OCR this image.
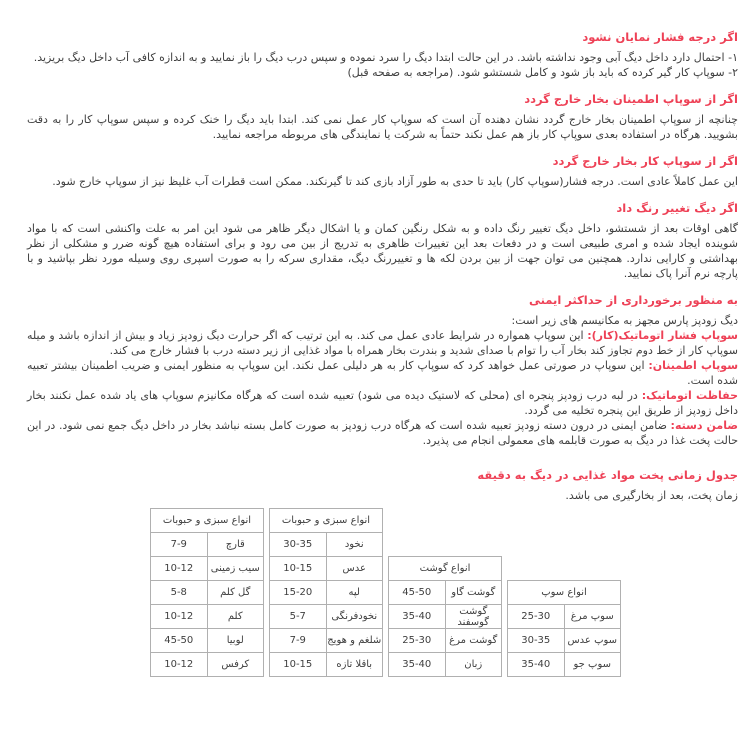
اگر درجه فشار نمایان نشود

۱- احتمال دارد داخل دیگ آبی وجود نداشته باشد. در این حالت ابتدا دیگ را سرد نموده و سپس درب دیگ را باز نمایید و به اندازه کافی آب داخل دیگ بریزید.

۲- سوپاپ کار گیر کرده که باید باز شود و کامل شستشو شود. (مراجعه به صفحه قبل)

اگر از سوپاپ اطمینان بخار خارج گردد

چنانچه از سوپاپ اطمینان بخار خارج گردد نشان دهنده آن است که سوپاپ کار عمل نمی کند. ابتدا باید دیگ را خنک کرده و سپس سوپاپ کار را به دقت بشویید. هرگاه در استفاده بعدی سوپاپ کار باز هم عمل نکند حتماً به شرکت یا نمایندگی های مربوطه مراجعه نمایید.

اگر از سوپاپ کار بخار خارج گردد

این عمل کاملاً عادی است. درجه فشار(سوپاپ کار) باید تا حدی به طور آزاد بازی کند تا گیرنکند. ممکن است قطرات آب غلیظ نیز از سوپاپ خارج شود.

اگر دیگ تغییر رنگ داد

گاهی اوقات بعد از شستشو، داخل دیگ تغییر رنگ داده و به شکل رنگین کمان و یا اشکال دیگر ظاهر می شود این امر به علت واکنشی است که با مواد شوینده ایجاد شده و امری طبیعی است و در دفعات بعد این تغییرات ظاهری به تدریج از بین می رود و برای استفاده هیچ گونه ضرر و مشکلی از نظر بهداشتی و کارایی ندارد. همچنین می توان جهت از بین بردن لکه ها و تغییررنگ دیگ، مقداری سرکه را به صورت اسپری روی وسیله مورد نظر بپاشید و با پارچه نرم آنرا پاک نمایید.

به منظور برخورداری از حداکثر ایمنی

دیگ زودپز پارس مجهز به مکانیسم های زیر است:

سوپاپ فشار اتوماتیک(کار): این سوپاپ همواره در شرایط عادی عمل می کند. به این ترتیب که اگر حرارت دیگ زودپز زیاد و بیش از اندازه باشد و میله سوپاپ کار از خط دوم تجاوز کند بخار آب را توام با صدای شدید و بندرت بخار همراه با مواد غذایی از زیر دسته درب با فشار خارج می کند.

سوپاپ اطمینان: این سوپاپ در صورتی عمل خواهد کرد که سوپاپ کار به هر دلیلی عمل نکند. این سوپاپ به منظور ایمنی و ضریب اطمینان بیشتر تعبیه شده است.

حفاظت اتوماتیک: در لبه درب زودپز پنجره ای (محلی که لاستیک دیده می شود) تعبیه شده است که هرگاه مکانیزم سوپاپ های یاد شده عمل نکنند بخار داخل زودپز از طریق این پنجره تخلیه می گردد.

ضامن دسته: ضامن ایمنی در درون دسته زودپز تعبیه شده است که هرگاه درب زودپز به صورت کامل بسته نباشد بخار در داخل دیگ جمع نمی شود. در این حالت پخت غذا در دیگ به صورت قابلمه های معمولی انجام می پذیرد.

جدول زمانی پخت مواد غذایی در دیگ به دقیقه

زمان پخت، بعد از بخارگیری می باشد.

انواع سبزی و حبوبات	
قارچ	7-9
سیب زمینی	10-12
گل کلم	5-8
کلم	10-12
لوبیا	45-50
کرفس	10-12
انواع سبزی و حبوبات	
نخود	30-35
عدس	10-15
لپه	15-20
نخودفرنگی	5-7
شلغم و هویج	7-9
باقلا تازه	10-15
انواع گوشت	
گوشت گاو	45-50
گوشت گوسفند	35-40
گوشت مرغ	25-30
زبان	35-40
انواع سوپ	
سوپ مرغ	25-30
سوپ عدس	30-35
سوپ جو	35-40
